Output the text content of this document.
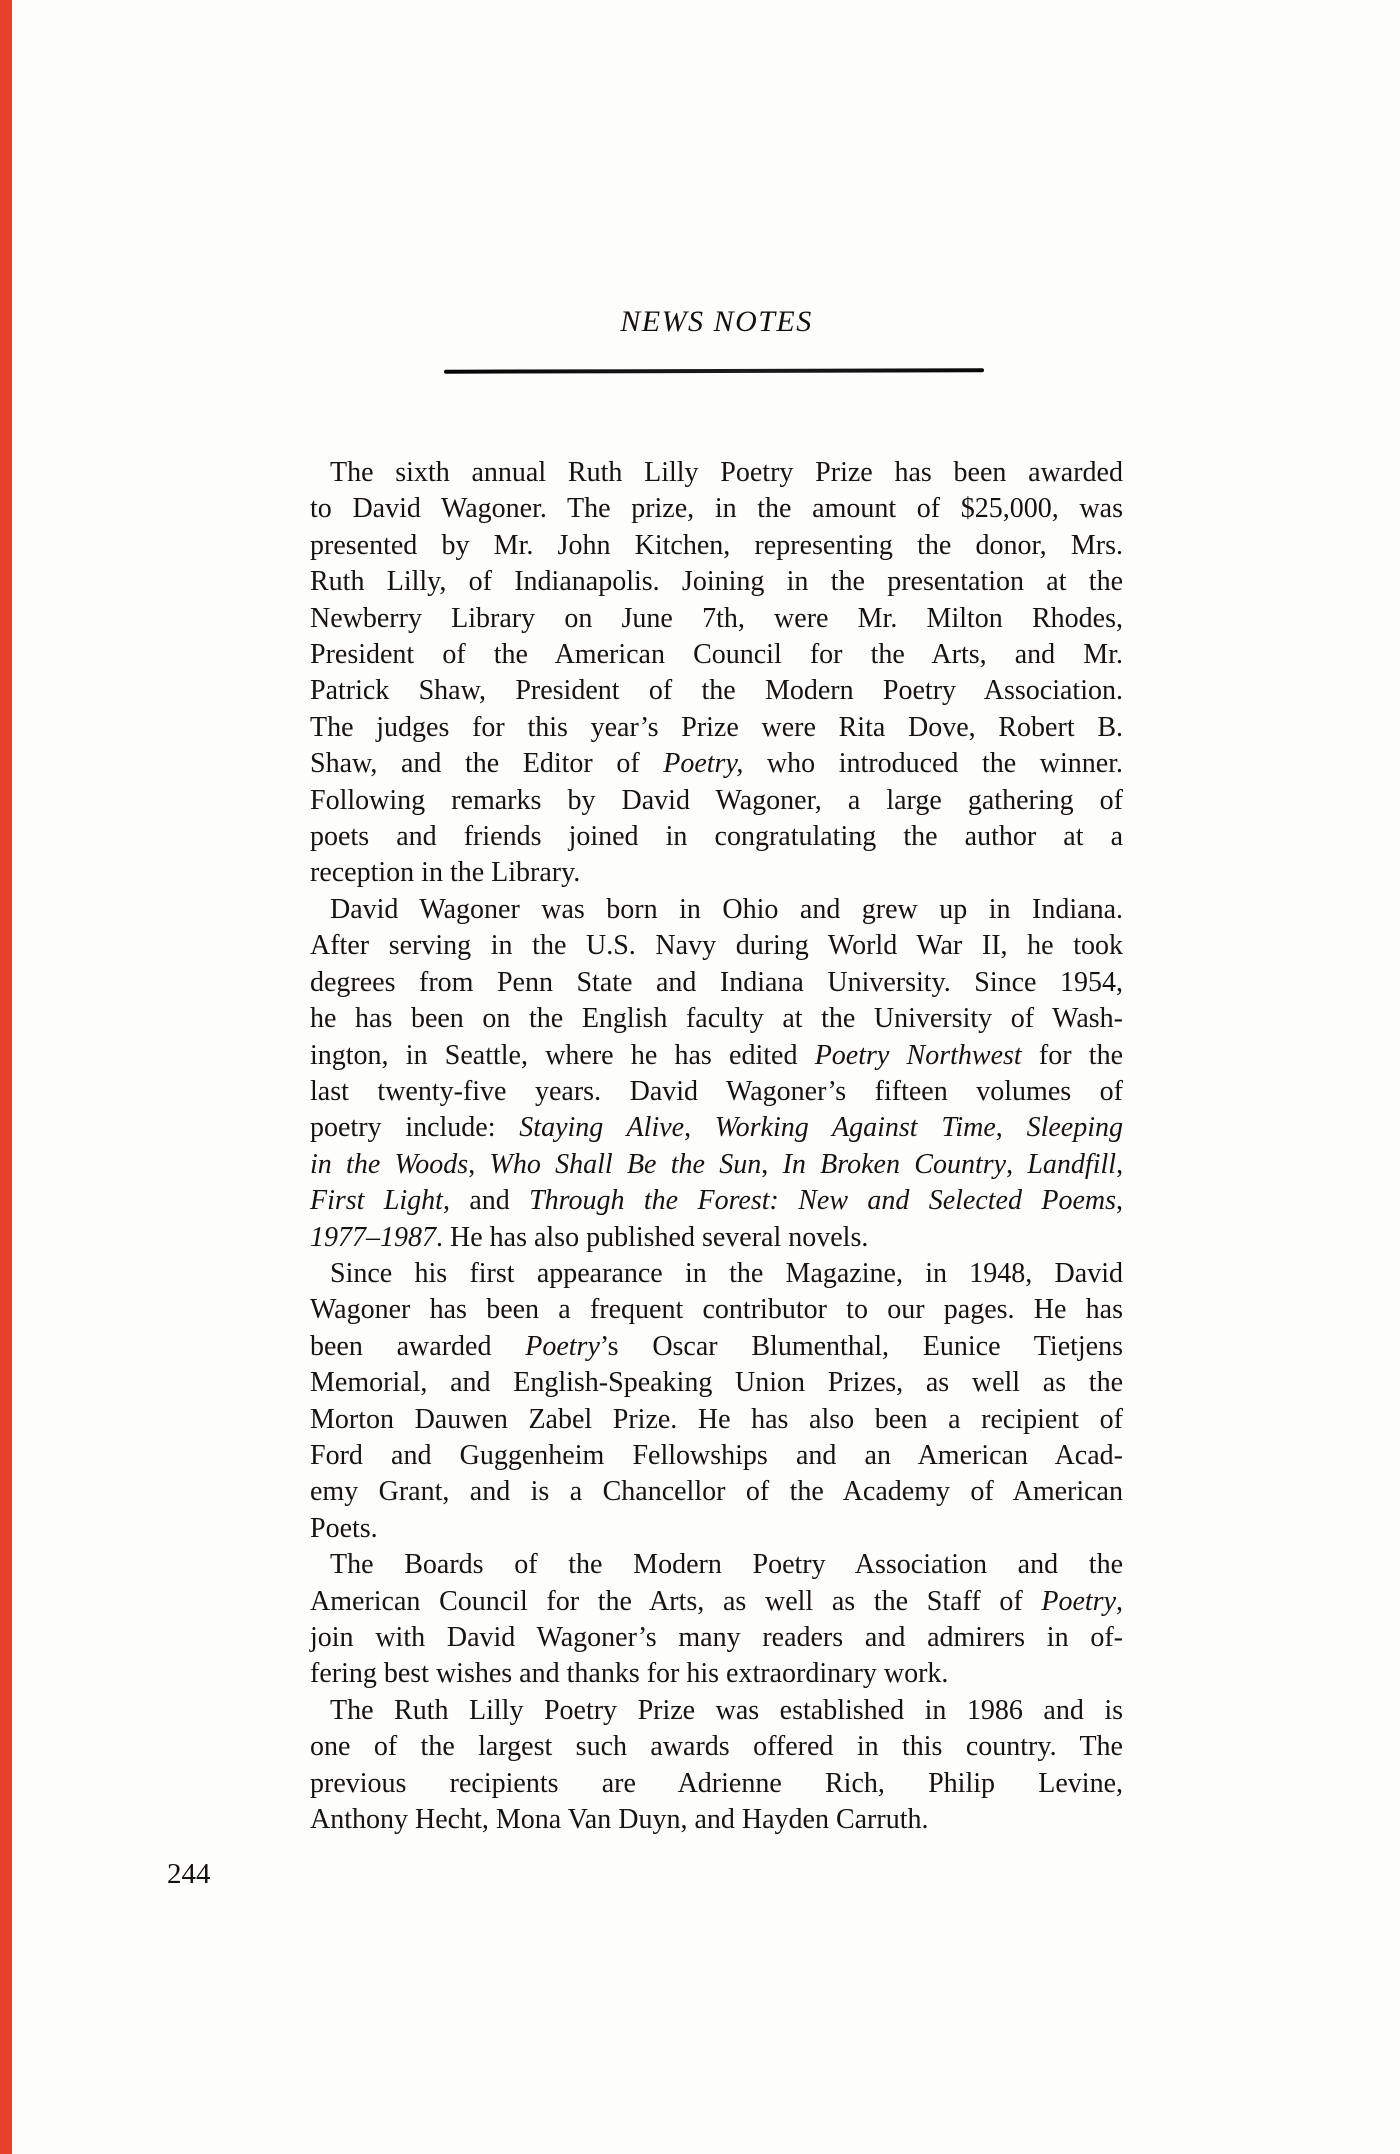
NEWS NOTES
The sixth annual Ruth Lilly Poetry Prize has been awarded
to David Wagoner. The prize, in the amount of $25,000, was
presented by Mr. John Kitchen, representing the donor, Mrs.
Ruth Lilly, of Indianapolis. Joining in the presentation at the
Newberry Library on June 7th, were Mr. Milton Rhodes,
President of the American Council for the Arts, and Mr.
Patrick Shaw, President of the Modern Poetry Association.
The judges for this year’s Prize were Rita Dove, Robert B.
Shaw, and the Editor of Poetry, who introduced the winner.
Following remarks by David Wagoner, a large gathering of
poets and friends joined in congratulating the author at a
reception in the Library.
David Wagoner was born in Ohio and grew up in Indiana.
After serving in the U.S. Navy during World War II, he took
degrees from Penn State and Indiana University. Since 1954,
he has been on the English faculty at the University of Wash-
ington, in Seattle, where he has edited Poetry Northwest for the
last twenty-five years. David Wagoner’s fifteen volumes of
poetry include: Staying Alive, Working Against Time, Sleeping
in the Woods, Who Shall Be the Sun, In Broken Country, Landfill,
First Light, and Through the Forest: New and Selected Poems,
1977–1987. He has also published several novels.
Since his first appearance in the Magazine, in 1948, David
Wagoner has been a frequent contributor to our pages. He has
been awarded Poetry’s Oscar Blumenthal, Eunice Tietjens
Memorial, and English-Speaking Union Prizes, as well as the
Morton Dauwen Zabel Prize. He has also been a recipient of
Ford and Guggenheim Fellowships and an American Acad-
emy Grant, and is a Chancellor of the Academy of American
Poets.
The Boards of the Modern Poetry Association and the
American Council for the Arts, as well as the Staff of Poetry,
join with David Wagoner’s many readers and admirers in of-
fering best wishes and thanks for his extraordinary work.
The Ruth Lilly Poetry Prize was established in 1986 and is
one of the largest such awards offered in this country. The
previous recipients are Adrienne Rich, Philip Levine,
Anthony Hecht, Mona Van Duyn, and Hayden Carruth.
244
